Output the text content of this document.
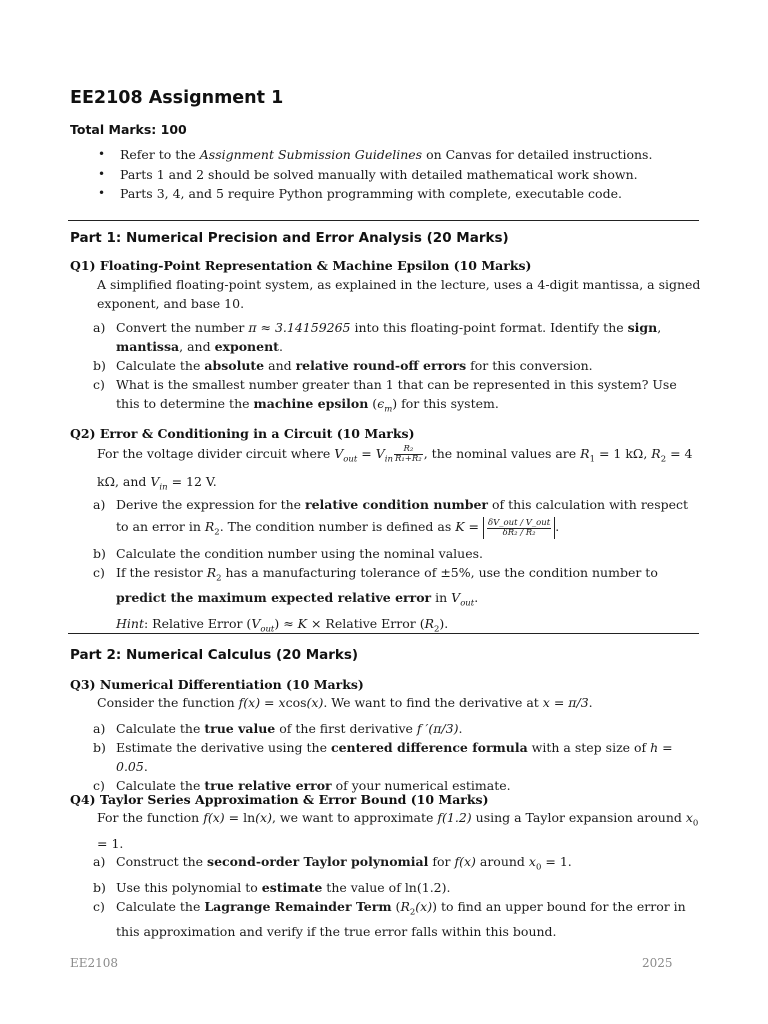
EE2108 Assignment 1

Total Marks: 100

• Refer to the Assignment Submission Guidelines on Canvas for detailed instructions.
• Parts 1 and 2 should be solved manually with detailed mathematical work shown.
• Parts 3, 4, and 5 require Python programming with complete, executable code.
Part 1: Numerical Precision and Error Analysis (20 Marks)
Q1) Floating-Point Representation & Machine Epsilon (10 Marks)

A simplified floating-point system, as explained in the lecture, uses a 4-digit mantissa, a signed exponent, and base 10.

a) Convert the number π ≈ 3.14159265 into this floating-point format. Identify the sign, mantissa, and exponent.
b) Calculate the absolute and relative round-off errors for this conversion.
c) What is the smallest number greater than 1 that can be represented in this system? Use this to determine the machine epsilon $(\epsilon_m)$ for this system.
Q2) Error & Conditioning in a Circuit (10 Marks)

For the voltage divider circuit where $V_{out} = V_{in} \frac{\text{R₂}}{\text{R₁+R₂}}$ , the nominal values are $R_1 = 1$ kΩ, $R_2 = 4$ kΩ, and $V_{in} = 12$ V.

a) Derive the expression for the relative condition number of this calculation with respect to an error in $R_2$. The condition number is defined as $K = \frac{\text{δV\_out / V\_out}}{\text{δR₂ / R₂}}$ .
b) Calculate the condition number using the nominal values.
c) If the resistor $R_2$ has a manufacturing tolerance of ±5%, use the condition number to predict the maximum expected relative error in $V_{out}$.
Hint: Relative Error $(V_{out}) \approx K$ × Relative Error $(R_2)$.
Part 2: Numerical Calculus (20 Marks)
Q3) Numerical Differentiation (10 Marks)

Consider the function f(x) = xcos(x). We want to find the derivative at x = π/3.

a) Calculate the true value of the first derivative f ′(π/3).
b) Estimate the derivative using the centered difference formula with a step size of h = 0.05.
c) Calculate the true relative error of your numerical estimate.
Q4) Taylor Series Approximation & Error Bound (10 Marks)

For the function f(x) = ln(x), we want to approximate f(1.2) using a Taylor expansion around $x_0 = 1$.

a) Construct the second-order Taylor polynomial for f(x) around $x_0 = 1$.
b) Use this polynomial to estimate the value of ln(1.2).
c) Calculate the Lagrange Remainder Term $(R_2(x))$ to find an upper bound for the error in this approximation and verify if the true error falls within this bound.

EE2108	2025
